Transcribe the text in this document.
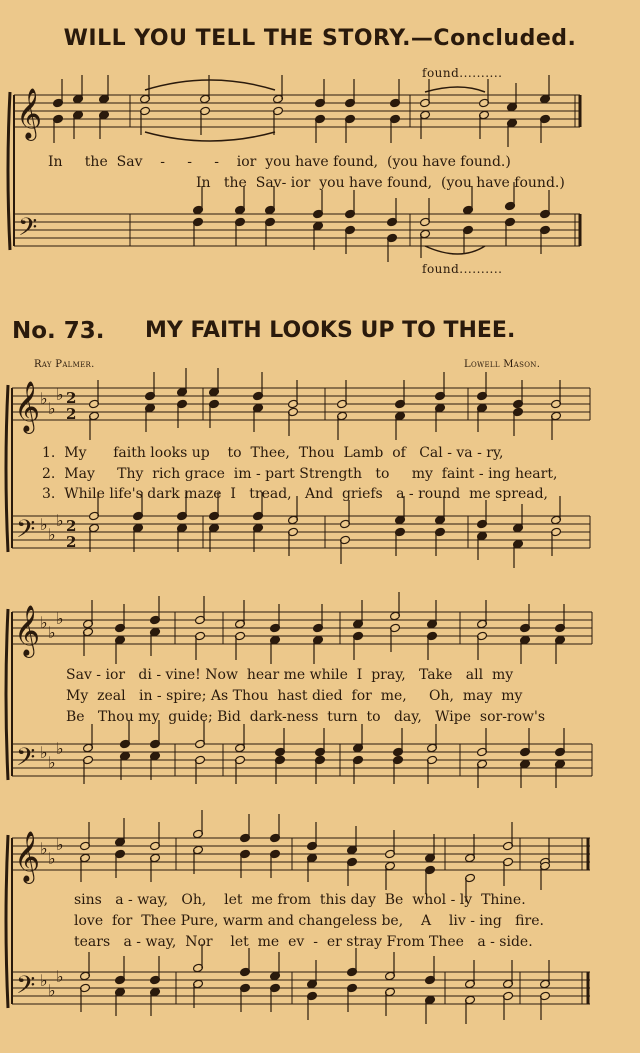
WILL YOU TELL THE STORY.—Concluded.
found..........
In     the  Sav    -     -     -    ior  you have found,  (you have found.)
In   the  Sav- ior  you have found,  (you have found.)
found..........
No. 73. MY FAITH LOOKS UP TO THEE.
Ray Palmer.	Lowell Mason.
1.  My      faith looks up    to  Thee,  Thou  Lamb  of   Cal - va - ry,
2.  May     Thy  rich grace  im - part Strength   to     my  faint - ing heart,
3.  While life's dark maze  I   tread,   And  griefs   a - round  me spread,
Sav - ior   di - vine! Now  hear me while  I  pray,   Take   all  my
My  zeal   in - spire; As Thou  hast died  for  me,     Oh,  may  my
Be   Thou my  guide; Bid  dark-ness  turn  to   day,   Wipe  sor-row's
sins   a - way,   Oh,    let  me from  this day  Be  whol - ly  Thine.
love  for  Thee Pure, warm and changeless be,    A    liv - ing   fire.
tears   a - way,  Nor    let  me  ev  -  er stray From Thee   a - side.
𝄞
𝄢
𝄞 ♭
♭
♭ 2
2
𝄢 ♭
♭
♭ 2
2
𝄞 ♭
♭
♭
𝄢 ♭
♭
♭
𝄞 ♭
♭
♭
𝄢 ♭
♭
♭
